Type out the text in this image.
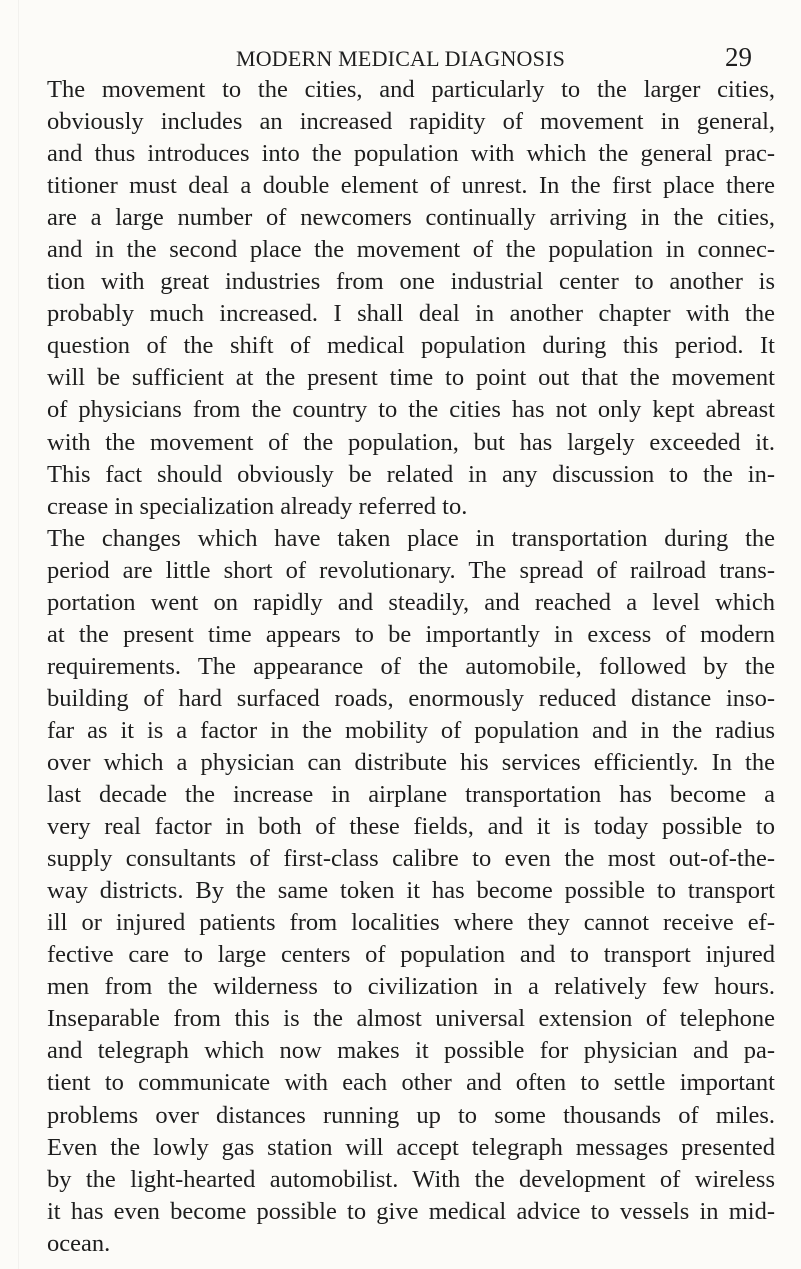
MODERN MEDICAL DIAGNOSIS	29
The movement to the cities, and particularly to the larger cities,
obviously includes an increased rapidity of movement in general,
and thus introduces into the population with which the general prac-
titioner must deal a double element of unrest. In the first place there
are a large number of newcomers continually arriving in the cities,
and in the second place the movement of the population in connec-
tion with great industries from one industrial center to another is
probably much increased. I shall deal in another chapter with the
question of the shift of medical population during this period. It
will be sufficient at the present time to point out that the movement
of physicians from the country to the cities has not only kept abreast
with the movement of the population, but has largely exceeded it.
This fact should obviously be related in any discussion to the in-
crease in specialization already referred to.
The changes which have taken place in transportation during the
period are little short of revolutionary. The spread of railroad trans-
portation went on rapidly and steadily, and reached a level which
at the present time appears to be importantly in excess of modern
requirements. The appearance of the automobile, followed by the
building of hard surfaced roads, enormously reduced distance inso-
far as it is a factor in the mobility of population and in the radius
over which a physician can distribute his services efficiently. In the
last decade the increase in airplane transportation has become a
very real factor in both of these fields, and it is today possible to
supply consultants of first-class calibre to even the most out-of-the-
way districts. By the same token it has become possible to transport
ill or injured patients from localities where they cannot receive ef-
fective care to large centers of population and to transport injured
men from the wilderness to civilization in a relatively few hours.
Inseparable from this is the almost universal extension of telephone
and telegraph which now makes it possible for physician and pa-
tient to communicate with each other and often to settle important
problems over distances running up to some thousands of miles.
Even the lowly gas station will accept telegraph messages presented
by the light-hearted automobilist. With the development of wireless
it has even become possible to give medical advice to vessels in mid-
ocean.
